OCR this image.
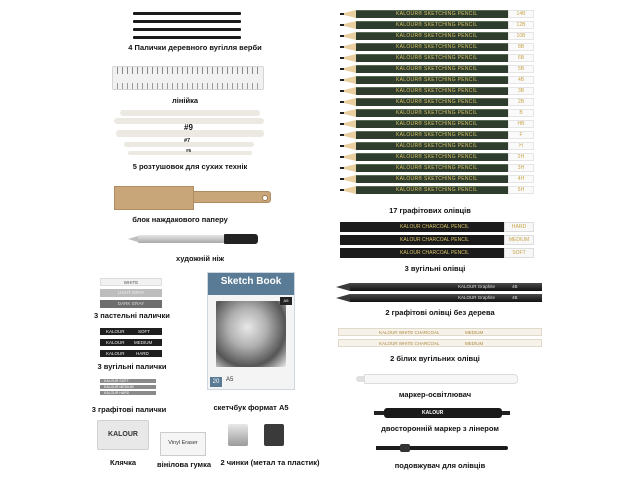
4 Палички деревного вугілля верби
лінійка
#9
#7
#5
5 розтушовок для сухих технік
блок наждакового паперу
художній ніж
WHITE
LIGHT GRAY
DARK GRAY
3 пастельні палички
KALOUR	SOFT
KALOUR MEDIUM
KALOUR	HARD
3 вугільні палички
KALOUR SOFT
KALOUR MEDIUM
KALOUR HARD
3 графітові палички
KALOUR
Клячка
Vinyl Eraser
вінілова гумка	2 чинки (метал та пластик)
Sketch Book
A5
20	A5
скетчбук формат A5
KALOUR® SKETCHING PENCIL	14B
KALOUR® SKETCHING PENCIL	12B
KALOUR® SKETCHING PENCIL	10B
KALOUR® SKETCHING PENCIL	8B
KALOUR® SKETCHING PENCIL	6B
KALOUR® SKETCHING PENCIL	5B
KALOUR® SKETCHING PENCIL	4B
KALOUR® SKETCHING PENCIL	3B
KALOUR® SKETCHING PENCIL	2B
KALOUR® SKETCHING PENCIL	B
KALOUR® SKETCHING PENCIL	HB
KALOUR® SKETCHING PENCIL	F
KALOUR® SKETCHING PENCIL	H
KALOUR® SKETCHING PENCIL	2H
KALOUR® SKETCHING PENCIL	3H
KALOUR® SKETCHING PENCIL	4H
KALOUR® SKETCHING PENCIL	5H
17 графітових олівців
KALOUR CHARCOAL PENCIL	HARD
KALOUR CHARCOAL PENCIL	MEDIUM
KALOUR CHARCOAL PENCIL	SOFT
3 вугільні олівці
KALOUR Graphite	4B
KALOUR Graphite	4B
2 графітові олівці без дерева
KALOUR WHITE CHARCOAL	MEDIUM
KALOUR WHITE CHARCOAL	MEDIUM
2 білих вугільних олівці
маркер-освітлювач
KALOUR
двосторонній маркер з лінером
подовжувач для олівців
